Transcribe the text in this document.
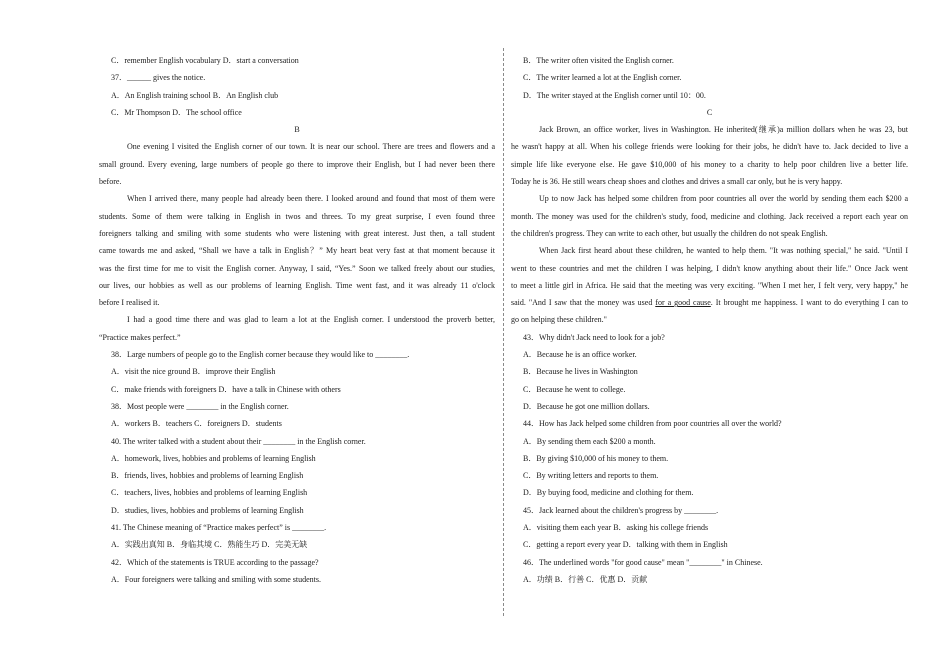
C．remember English vocabulary D．start a conversation
37．______ gives the notice.
A．An English training school B．An English club
C．Mr Thompson D．The school office
B
One evening I visited the English corner of our town. It is near our school. There are trees and flowers and a
small ground. Every evening, large numbers of people go there to improve their English, but I had never been there
before.
When I arrived there, many people had already been there. I looked around and found that most of them were
students. Some of them were talking in English in twos and threes. To my great surprise, I even found three
foreigners talking and smiling with some students who were listening with great interest. Just then, a tall student
came towards me and asked, “Shall we have a talk in English？” My heart beat very fast at that moment because it
was the first time for me to visit the English corner. Anyway, I said, “Yes.” Soon we talked freely about our studies,
our lives, our hobbies as well as our problems of learning English. Time went fast, and it was already 11 o'clock
before I realised it.
I had a good time there and was glad to learn a lot at the English corner. I understood the proverb better,
“Practice makes perfect.”
38．Large numbers of people go to the English corner because they would like to ________.
A．visit the nice ground B．improve their English
C．make friends with foreigners D．have a talk in Chinese with others
38．Most people were ________ in the English corner.
A．workers B．teachers C．foreigners D．students
40. The writer talked with a student about their ________ in the English corner.
A．homework, lives, hobbies and problems of learning English
B．friends, lives, hobbies and problems of learning English
C．teachers, lives, hobbies and problems of learning English
D．studies, lives, hobbies and problems of learning English
41. The Chinese meaning of “Practice makes perfect” is ________.
A．实践出真知 B．身临其境 C．熟能生巧 D．完美无缺
42．Which of the statements is TRUE according to the passage?
A．Four foreigners were talking and smiling with some students.
B．The writer often visited the English corner.
C．The writer learned a lot at the English corner.
D．The writer stayed at the English corner until 10：00.
C
Jack Brown, an office worker, lives in Washington. He inherited(继承)a million dollars when he was 23, but
he wasn't happy at all. When his college friends were looking for their jobs, he didn't have to. Jack decided to live a
simple life like everyone else. He gave $10,000 of his money to a charity to help poor children live a better life.
Today he is 36. He still wears cheap shoes and clothes and drives a small car only, but he is very happy.
Up to now Jack has helped some children from poor countries all over the world by sending them each $200 a
month. The money was used for the children's study, food, medicine and clothing. Jack received a report each year on
the children's progress. They can write to each other, but usually the children do not speak English.
When Jack first heard about these children, he wanted to help them. "It was nothing special," he said. "Until I
went to these countries and met the children I was helping, I didn't know anything about their life." Once Jack went
to meet a little girl in Africa. He said that the meeting was very exciting. "When I met her, I felt very, very happy," he
said. "And I saw that the money was used for a good cause. It brought me happiness. I want to do everything I can to
go on helping these children."
43．Why didn't Jack need to look for a job?
A．Because he is an office worker.
B．Because he lives in Washington
C．Because he went to college.
D．Because he got one million dollars.
44．How has Jack helped some children from poor countries all over the world?
A．By sending them each $200 a month.
B．By giving $10,000 of his money to them.
C．By writing letters and reports to them.
D．By buying food, medicine and clothing for them.
45．Jack learned about the children's progress by ________.
A．visiting them each year B．asking his college friends
C．getting a report every year D．talking with them in English
46．The underlined words "for good cause" mean "________" in Chinese.
A．功绩 B．行善 C．优惠 D．贡献
